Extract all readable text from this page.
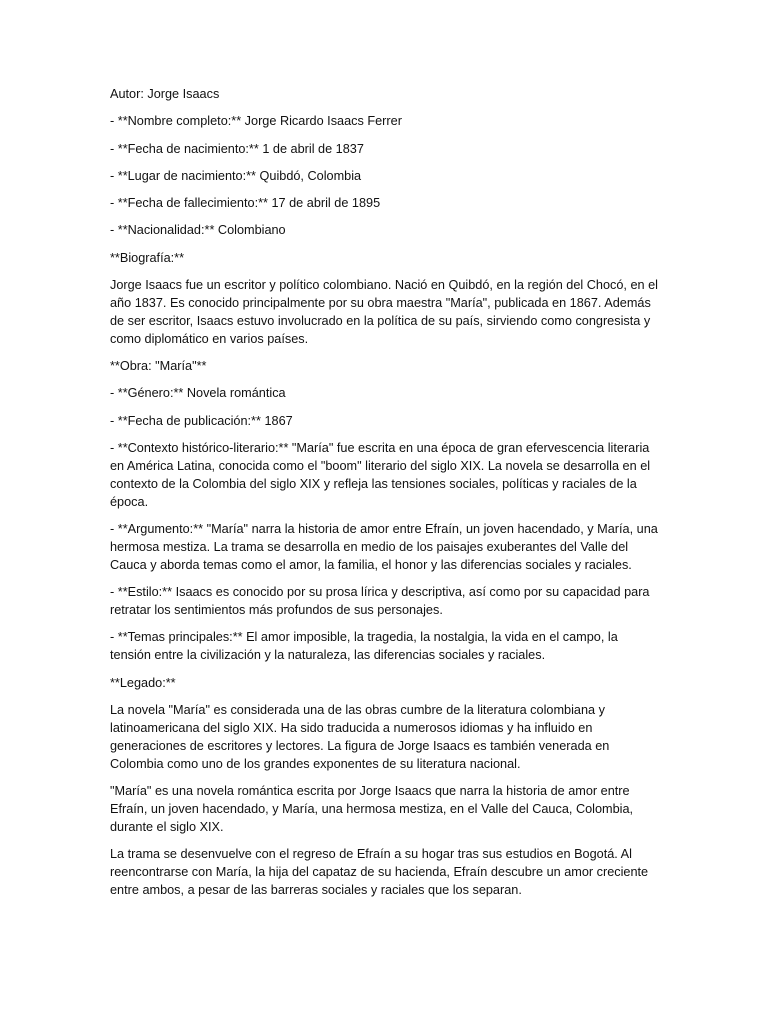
Autor: Jorge Isaacs

- **Nombre completo:** Jorge Ricardo Isaacs Ferrer

- **Fecha de nacimiento:** 1 de abril de 1837

- **Lugar de nacimiento:** Quibdó, Colombia

- **Fecha de fallecimiento:** 17 de abril de 1895

- **Nacionalidad:** Colombiano

**Biografía:**

Jorge Isaacs fue un escritor y político colombiano. Nació en Quibdó, en la región del Chocó, en el año 1837. Es conocido principalmente por su obra maestra "María", publicada en 1867. Además de ser escritor, Isaacs estuvo involucrado en la política de su país, sirviendo como congresista y como diplomático en varios países.

**Obra: "María"**

- **Género:** Novela romántica

- **Fecha de publicación:** 1867

- **Contexto histórico-literario:** "María" fue escrita en una época de gran efervescencia literaria en América Latina, conocida como el "boom" literario del siglo XIX. La novela se desarrolla en el contexto de la Colombia del siglo XIX y refleja las tensiones sociales, políticas y raciales de la época.

- **Argumento:** "María" narra la historia de amor entre Efraín, un joven hacendado, y María, una hermosa mestiza. La trama se desarrolla en medio de los paisajes exuberantes del Valle del Cauca y aborda temas como el amor, la familia, el honor y las diferencias sociales y raciales.

- **Estilo:** Isaacs es conocido por su prosa lírica y descriptiva, así como por su capacidad para retratar los sentimientos más profundos de sus personajes.

- **Temas principales:** El amor imposible, la tragedia, la nostalgia, la vida en el campo, la tensión entre la civilización y la naturaleza, las diferencias sociales y raciales.

**Legado:**

La novela "María" es considerada una de las obras cumbre de la literatura colombiana y latinoamericana del siglo XIX. Ha sido traducida a numerosos idiomas y ha influido en generaciones de escritores y lectores. La figura de Jorge Isaacs es también venerada en Colombia como uno de los grandes exponentes de su literatura nacional.

"María" es una novela romántica escrita por Jorge Isaacs que narra la historia de amor entre Efraín, un joven hacendado, y María, una hermosa mestiza, en el Valle del Cauca, Colombia, durante el siglo XIX.

La trama se desenvuelve con el regreso de Efraín a su hogar tras sus estudios en Bogotá. Al reencontrarse con María, la hija del capataz de su hacienda, Efraín descubre un amor creciente entre ambos, a pesar de las barreras sociales y raciales que los separan.
